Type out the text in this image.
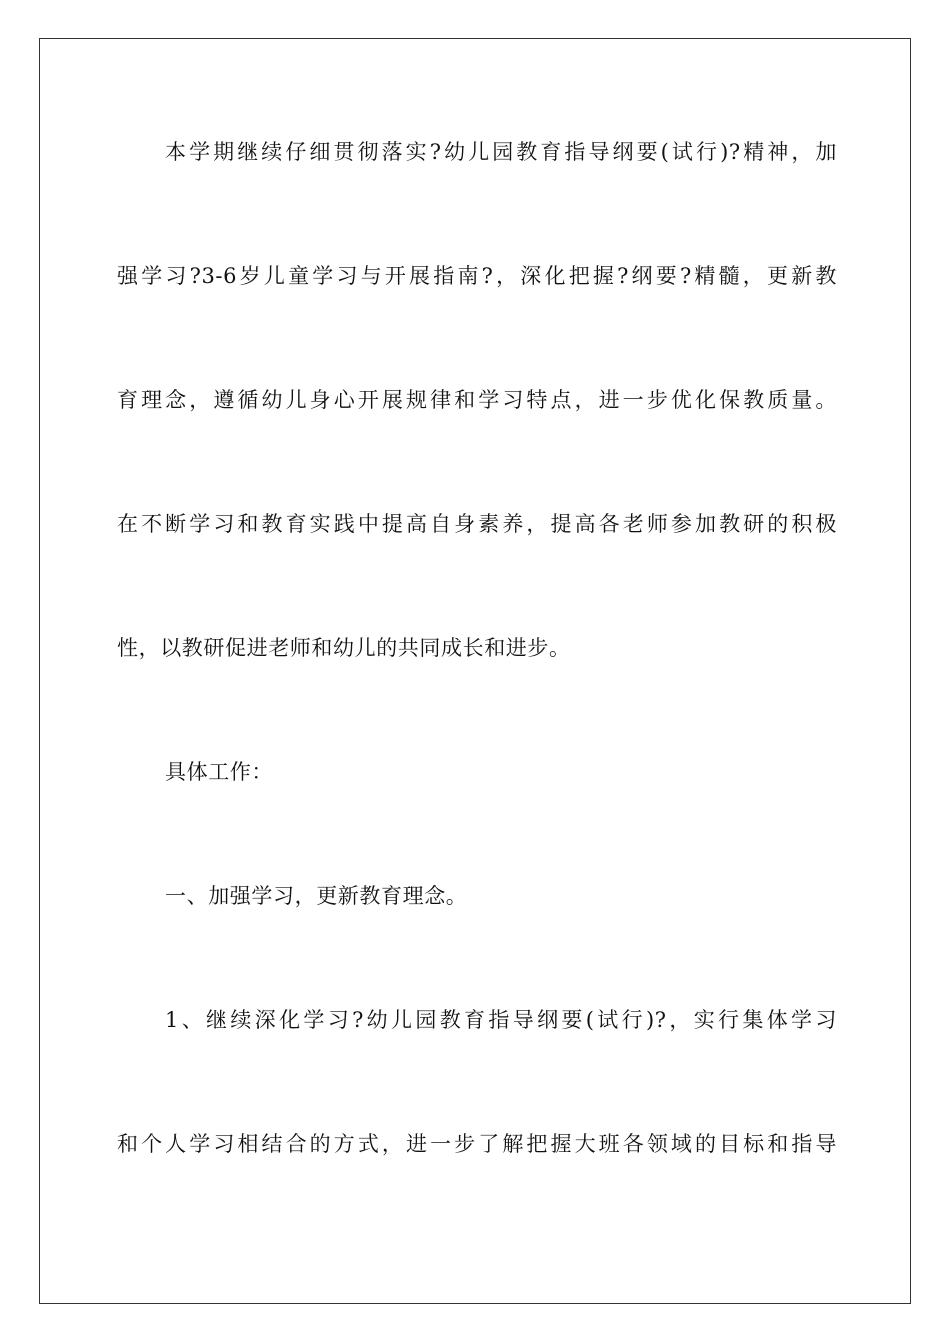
本学期继续仔细贯彻落实?幼儿园教育指导纲要(试行)?精神，加

强学习?3-6岁儿童学习与开展指南?，深化把握?纲要?精髓，更新教

育理念，遵循幼儿身心开展规律和学习特点，进一步优化保教质量。

在不断学习和教育实践中提高自身素养，提高各老师参加教研的积极

性，以教研促进老师和幼儿的共同成长和进步。

具体工作：

一、加强学习，更新教育理念。

1、继续深化学习?幼儿园教育指导纲要(试行)?，实行集体学习

和个人学习相结合的方式，进一步了解把握大班各领域的目标和指导
